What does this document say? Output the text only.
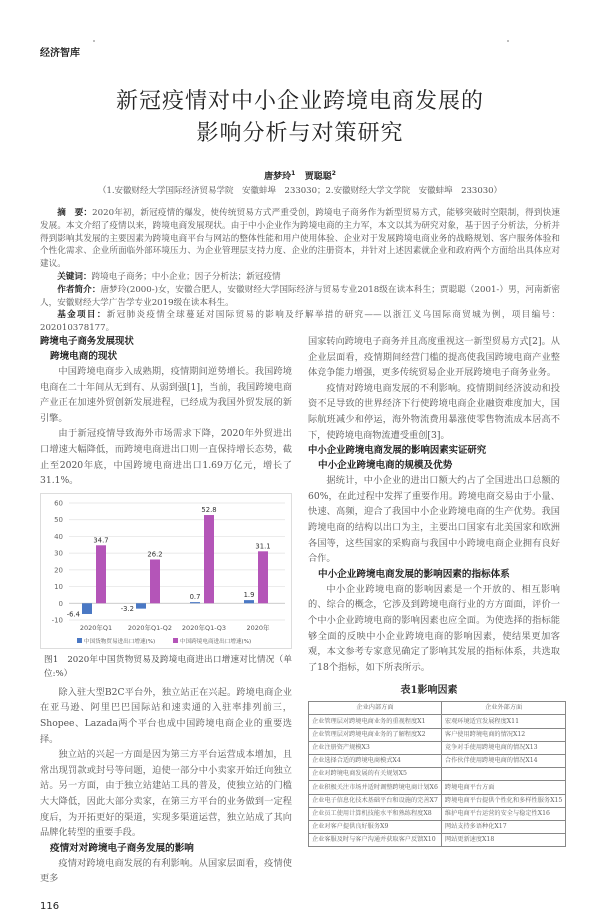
经济智库
新冠疫情对中小企业跨境电商发展的
影响分析与对策研究
唐梦玲$^1$ 贾聪聪$^2$
（1.安徽财经大学国际经济贸易学院　安徽蚌埠　233030；2.安徽财经大学文学院　安徽蚌埠　233030）

摘　要：2020年初，新冠疫情的爆发，使传统贸易方式严重受创，跨境电子商务作为新型贸易方式，能够突破时空限制，得到快速发展。本文介绍了疫情以来，跨境电商发展现状。由于中小企业作为跨境电商的主力军，本文以其为研究对象，基于因子分析法，分析并得到影响其发展的主要因素为跨境电商平台与网站的整体性能和用户使用体验、企业对于发展跨境电商业务的战略规划、客户服务体验和个性化需求、企业所面临外部环境压力、为企业管理层支持力度、企业的注册资本，并针对上述因素就企业和政府两个方面给出具体应对建议。

关键词：跨境电子商务；中小企业；因子分析法；新冠疫情

作者简介：唐梦玲(2000-)女，安徽合肥人，安徽财经大学国际经济与贸易专业2018级在读本科生；贾聪聪（2001-）男，河南新密人，安徽财经大学广告学专业2019级在读本科生。

基金项目：新冠肺炎疫情全球蔓延对国际贸易的影响及纾解举措的研究——以浙江义乌国际商贸城为例，项目编号：202010378177。

跨境电子商务发展现状
跨境电商的现状

中国跨境电商步入成熟期，疫情期间逆势增长。我国跨境电商在二十年间从无到有、从弱到强[1]，当前，我国跨境电商产业正在加速外贸创新发展进程，已经成为我国外贸发展的新引擎。

由于新冠疫情导致海外市场需求下降，2020年外贸进出口增速大幅降低，而跨境电商进出口则一直保持增长态势，截止至2020年底，中国跨境电商进出口1.69万亿元，增长了31.1%。

-10
0
10
20
30
40
50
60
-6.4
34.7
2020年Q1
-3.2
26.2
2020年Q1-Q2
0.7
52.8
2020年Q1-Q3
1.9
31.1
2020年
中国货物贸易进出口增速(%)	中国跨境电商进出口增速(%)
图1　2020年中国货物贸易及跨境电商进出口增速对比情况（单位:%）

除入驻大型B2C平台外，独立站正在兴起。跨境电商企业在亚马逊、阿里巴巴国际站和速卖通的入驻率排列前三，Shopee、Lazada两个平台也成中国跨境电商企业的重要选择。

独立站的兴起一方面是因为第三方平台运营成本增加，且常出现罚款或封号等问题，迫使一部分中小卖家开始迁向独立站。另一方面，由于独立站建站工具的普及，使独立站的门槛大大降低，因此大部分卖家，在第三方平台的业务做到一定程度后，为开拓更好的渠道，实现多渠道运营，独立站成了其向品牌化转型的重要手段。

疫情对对跨境电子商务发展的影响

疫情对跨境电商发展的有利影响。从国家层面看，疫情使更多

116

国家转向跨境电子商务并且高度重视这一新型贸易方式[2]。从企业层面看，疫情期间经营门槛的提高使我国跨境电商产业整体竞争能力增强，更多传统贸易企业开展跨境电子商务业务。

疫情对跨境电商发展的不利影响。疫情期间经济波动和投资不足导致的世界经济下行使跨境电商企业融资难度加大，国际航班减少和停运，海外物流费用暴涨使零售物流成本居高不下，使跨境电商物流遭受重创[3]。

中小企业跨境电商发展的影响因素实证研究
中小企业跨境电商的规模及优势

据统计，中小企业的进出口额大约占了全国进出口总额的60%，在此过程中发挥了重要作用。跨境电商交易由于小量、快速、高频，迎合了我国中小企业跨境电商的生产优势。我国跨境电商的结构以出口为主，主要出口国家有北美国家和欧洲各国等，这些国家的采购商与我国中小跨境电商企业拥有良好合作。

中小企业跨境电商发展的影响因素的指标体系

中小企业跨境电商的影响因素是一个开放的、相互影响的、综合的概念，它涉及到跨境电商行业的方方面面，评价一个中小企业跨境电商的影响因素也应全面。为使选择的指标能够全面的反映中小企业跨境电商的影响因素，使结果更加客观，本文参考专家意见确定了影响其发展的指标体系，共选取了18个指标，如下所表所示。

表1影响因素
企业内部方面	企业外部方面
企业管理层对跨境电商业务的重视程度X1	宏观环境适宜发展程度X11
企业管理层对跨境电商业务的了解程度X2	客户使用跨境电商的情况X12
企业注册资产规模X3	竞争对手使用跨境电商的情况X13
企业选择合适的跨境电商模式X4	合作伙伴使用跨境电商的情况X14
企业对跨境电商发展的有关规划X5	
企业积极关注市场并适时调整跨境电商计划X6	跨境电商平台方面
企业电子信息化技术基础平台和设施的完善X7	跨境电商平台提供个性化和多样性服务X15
企业员工使用计算机技能水平和熟练程度X8	维护电商平台运营的安全与稳定性X16
企业对客户提供良好服务X9	网站支持多语种化X17
企业客服及时与客户沟通并获取客户反馈X10	网站更新速度X18
